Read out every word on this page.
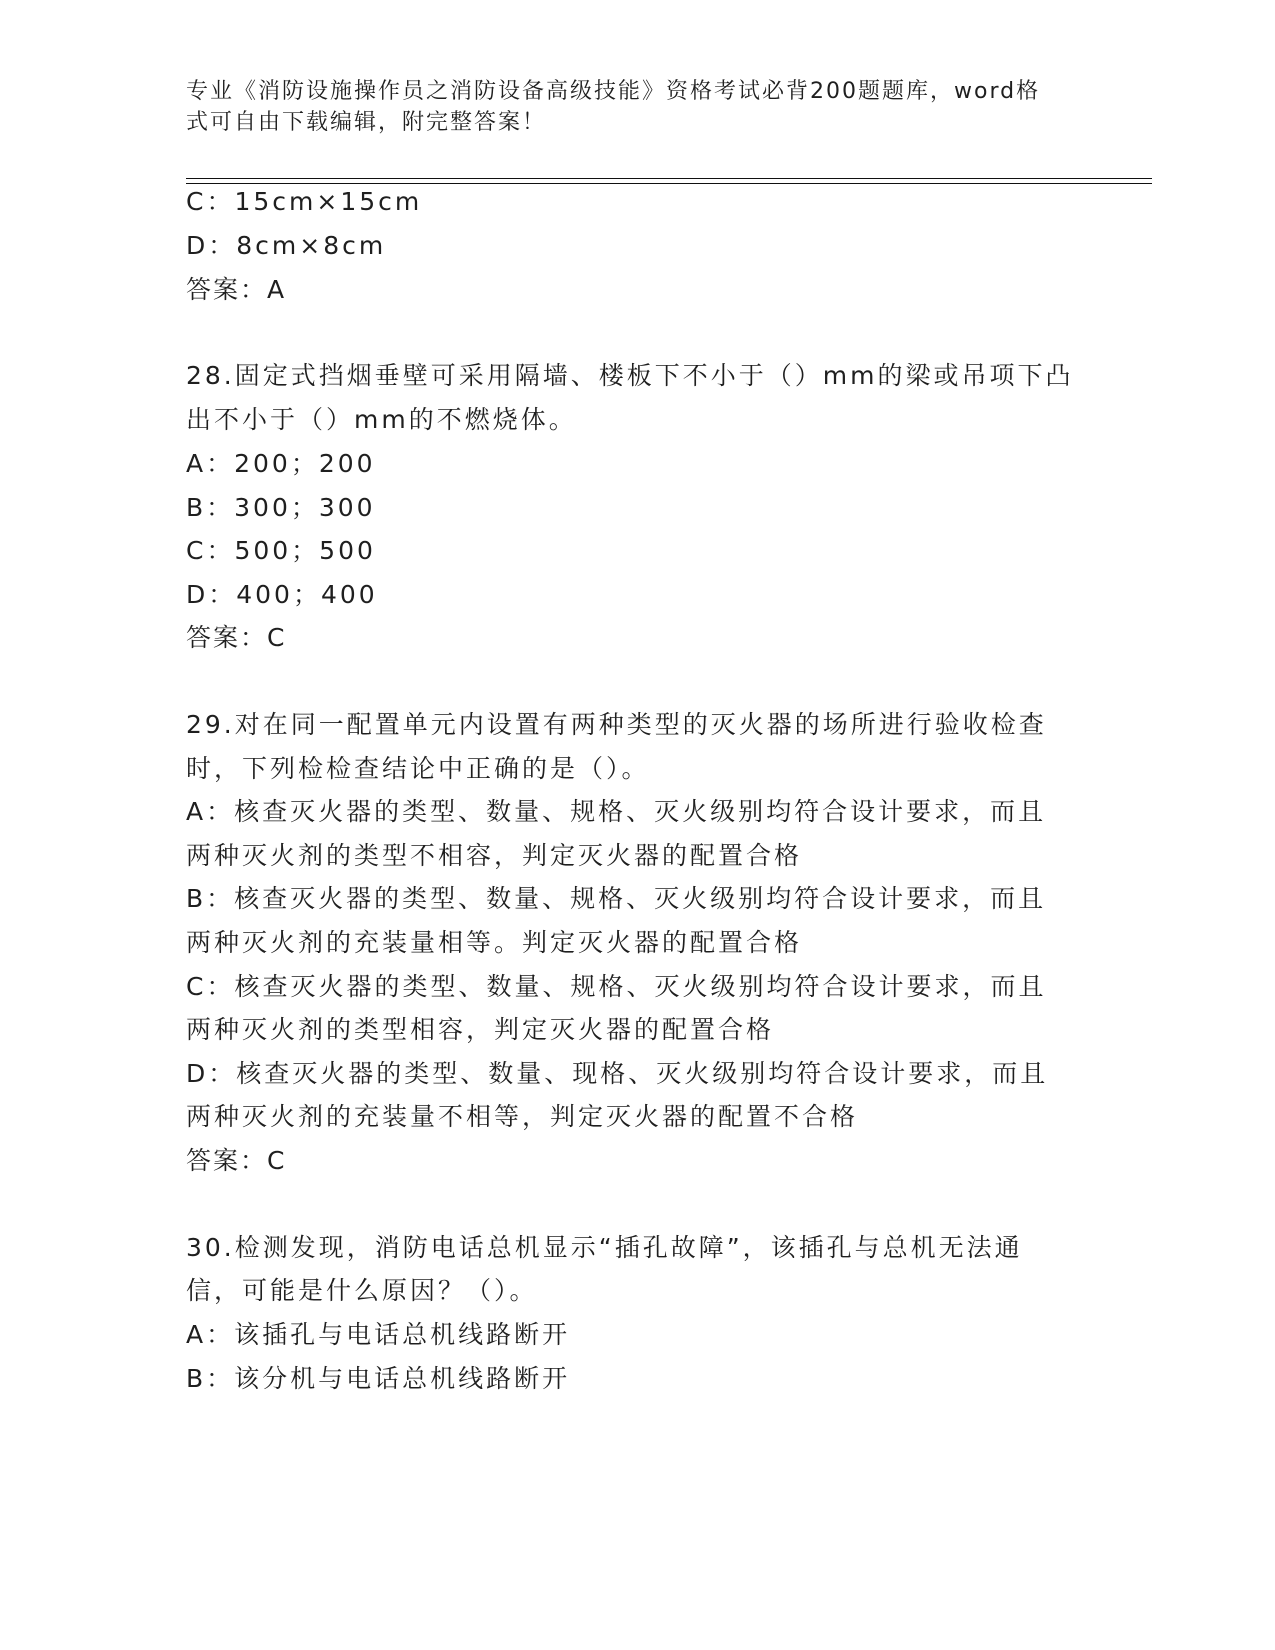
专业《消防设施操作员之消防设备高级技能》资格考试必背200题题库，word格
式可自由下载编辑，附完整答案！
C：15cm×15cm
D：8cm×8cm
答案：A
28.固定式挡烟垂壁可采用隔墙、楼板下不小于（）mm的梁或吊项下凸
出不小于（）mm的不燃烧体。
A：200；200
B：300；300
C：500；500
D：400；400
答案：C
29.对在同一配置单元内设置有两种类型的灭火器的场所进行验收检查
时，下列检检查结论中正确的是（）。
A：核查灭火器的类型、数量、规格、灭火级别均符合设计要求，而且
两种灭火剂的类型不相容，判定灭火器的配置合格
B：核查灭火器的类型、数量、规格、灭火级别均符合设计要求，而且
两种灭火剂的充装量相等。判定灭火器的配置合格
C：核查灭火器的类型、数量、规格、灭火级别均符合设计要求，而且
两种灭火剂的类型相容，判定灭火器的配置合格
D：核查灭火器的类型、数量、现格、灭火级别均符合设计要求，而且
两种灭火剂的充装量不相等，判定灭火器的配置不合格
答案：C
30.检测发现，消防电话总机显示“插孔故障”，该插孔与总机无法通
信，可能是什么原因？（）。
A：该插孔与电话总机线路断开
B：该分机与电话总机线路断开
